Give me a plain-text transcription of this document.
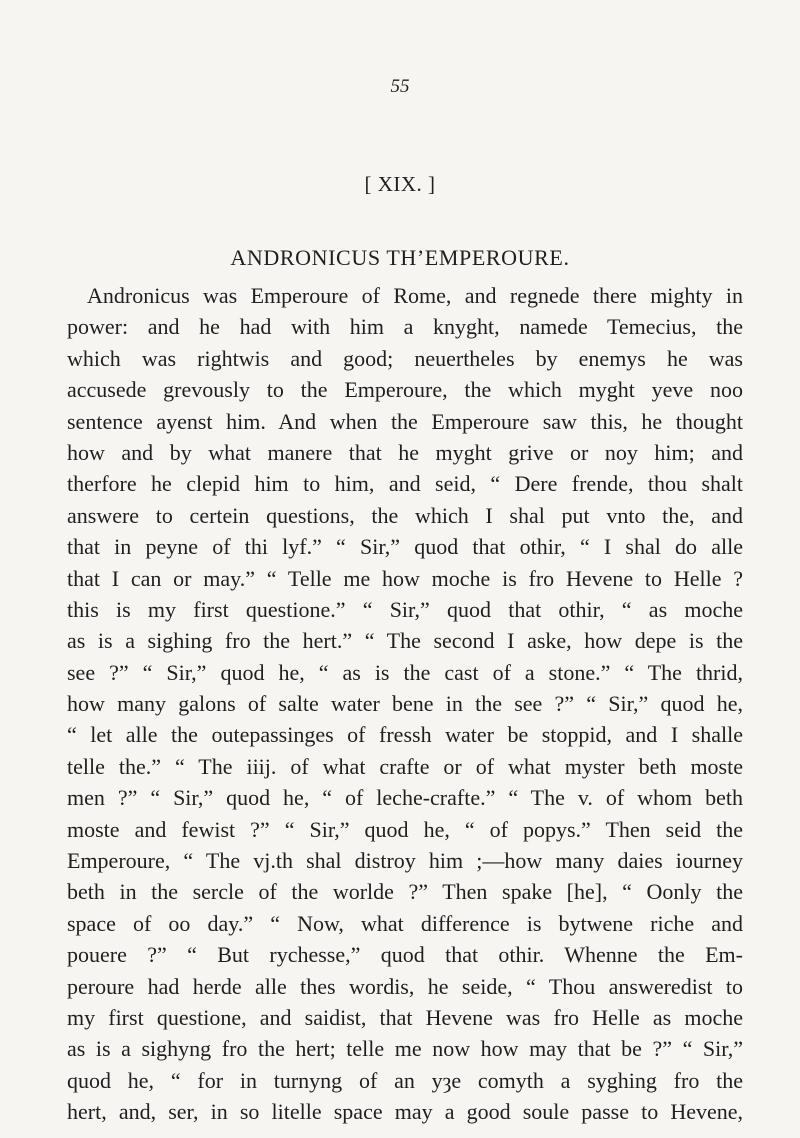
55
[ XIX. ]
ANDRONICUS TH’EMPEROURE.
Andronicus was Emperoure of Rome, and regnede there mighty in
power: and he had with him a knyght, namede Temecius, the
which was rightwis and good; neuertheles by enemys he was
accusede grevously to the Emperoure, the which myght yeve noo
sentence ayenst him. And when the Emperoure saw this, he thought
how and by what manere that he myght grive or noy him; and
therfore he clepid him to him, and seid, “ Dere frende, thou shalt
answere to certein questions, the which I shal put vnto the, and
that in peyne of thi lyf.” “ Sir,” quod that othir, “ I shal do alle
that I can or may.” “ Telle me how moche is fro Hevene to Helle ?
this is my first questione.” “ Sir,” quod that othir, “ as moche
as is a sighing fro the hert.” “ The second I aske, how depe is the
see ?” “ Sir,” quod he, “ as is the cast of a stone.” “ The thrid,
how many galons of salte water bene in the see ?” “ Sir,” quod he,
“ let alle the outepassinges of fressh water be stoppid, and I shalle
telle the.” “ The iiij. of what crafte or of what myster beth moste
men ?” “ Sir,” quod he, “ of leche-crafte.” “ The v. of whom beth
moste and fewist ?” “ Sir,” quod he, “ of popys.” Then seid the
Emperoure, “ The vj.th shal distroy him ;—how many daies iourney
beth in the sercle of the worlde ?” Then spake [he], “ Oonly the
space of oo day.” “ Now, what difference is bytwene riche and
pouere ?” “ But rychesse,” quod that othir. Whenne the Em-
peroure had herde alle thes wordis, he seide, “ Thou answeredist to
my first questione, and saidist, that Hevene was fro Helle as moche
as is a sighyng fro the hert; telle me now how may that be ?” “ Sir,”
quod he, “ for in turnyng of an yȝe comyth a syghing fro the
hert, and, ser, in so litelle space may a good soule passe to Hevene,
